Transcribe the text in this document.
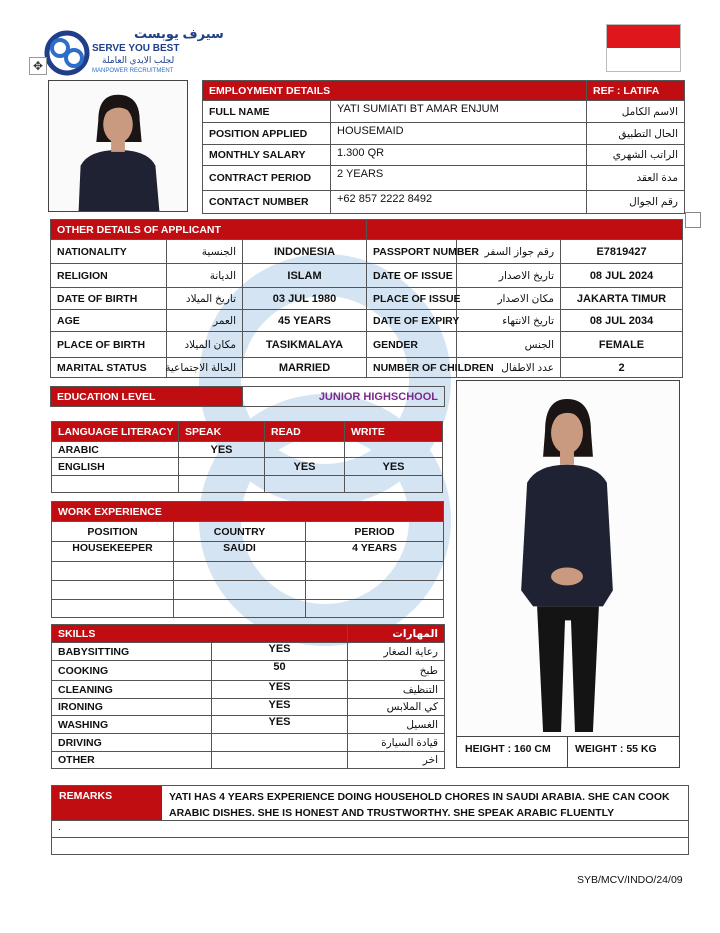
سيرف يوبست
SERVE YOU BEST
لجلب الايدي العاملة
MANPOWER RECRUITMENT
✥
EMPLOYMENT DETAILS		REF : LATIFA
FULL NAME	YATI SUMIATI BT AMAR ENJUM	الاسم الكامل
POSITION APPLIED	HOUSEMAID	الحال التطبيق
MONTHLY SALARY	1.300 QR	الراتب الشهري
CONTRACT PERIOD	2 YEARS	مدة العقد
CONTACT NUMBER	+62 857 2222 8492	رقم الجوال
OTHER DETAILS OF APPLICANT					
NATIONALITY	الجنسية	INDONESIA	PASSPORT NUMBER	رقم جواز السفر	E7819427
RELIGION	الديانة	ISLAM	DATE OF ISSUE	تاريخ الاصدار	08 JUL 2024
DATE OF BIRTH	تاريخ الميلاد	03 JUL 1980	PLACE OF ISSUE	مكان الاصدار	JAKARTA TIMUR
AGE	العمر	45 YEARS	DATE OF EXPIRY	تاريخ الانتهاء	08 JUL 2034
PLACE OF BIRTH	مكان الميلاد	TASIKMALAYA	GENDER	الجنس	FEMALE
MARITAL STATUS	الحالة الاجتماعية	MARRIED	NUMBER OF CHILDREN	عدد الاطفال	2
EDUCATION LEVEL	JUNIOR HIGHSCHOOL
LANGUAGE LITERACY	SPEAK	READ	WRITE
ARABIC	YES		
ENGLISH		YES	YES

WORK EXPERIENCE		
POSITION	COUNTRY	PERIOD
HOUSEKEEPER	SAUDI	4 YEARS

SKILLS		المهارات
BABYSITTING	YES	رعاية الصغار
COOKING	50	طبخ
CLEANING	YES	التنظيف
IRONING	YES	كي الملابس
WASHING	YES	الغسيل
DRIVING		قيادة السيارة
OTHER		اخر
HEIGHT : 160 CM WEIGHT : 55 KG
REMARKS	YATI HAS 4 YEARS EXPERIENCE DOING HOUSEHOLD CHORES IN SAUDI ARABIA. SHE CAN COOK ARABIC DISHES. SHE IS HONEST AND TRUSTWORTHY. SHE SPEAK ARABIC FLUENTLY
.
SYB/MCV/INDO/24/09
